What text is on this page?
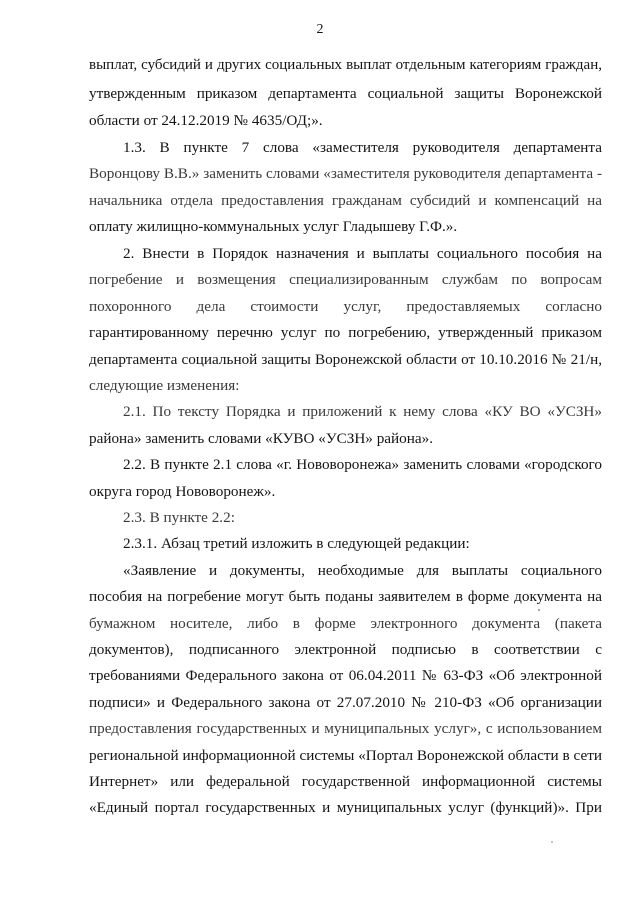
2
выплат, субсидий и других социальных выплат отдельным категориям граждан,
утвержденным приказом департамента социальной защиты Воронежской
области от 24.12.2019 № 4635/ОД;».
1.3. В пункте 7 слова «заместителя руководителя департамента
Воронцову В.В.» заменить словами «заместителя руководителя департамента -
начальника отдела предоставления гражданам субсидий и компенсаций на
оплату жилищно-коммунальных услуг Гладышеву Г.Ф.».
2. Внести в Порядок назначения и выплаты социального пособия на
погребение и возмещения специализированным службам по вопросам
похоронного дела стоимости услуг, предоставляемых согласно
гарантированному перечню услуг по погребению, утвержденный приказом
департамента социальной защиты Воронежской области от 10.10.2016 № 21/н,
следующие изменения:
2.1. По тексту Порядка и приложений к нему слова «КУ ВО «УСЗН»
района» заменить словами «КУВО «УСЗН» района».
2.2. В пункте 2.1 слова «г. Нововоронежа» заменить словами «городского
округа город Нововоронеж».
2.3. В пункте 2.2:
2.3.1. Абзац третий изложить в следующей редакции:
«Заявление и документы, необходимые для выплаты социального
пособия на погребение могут быть поданы заявителем в форме документа на
бумажном носителе, либо в форме электронного документа (пакета
документов), подписанного электронной подписью в соответствии с
требованиями Федерального закона от 06.04.2011 № 63-ФЗ «Об электронной
подписи» и Федерального закона от 27.07.2010 № 210-ФЗ «Об организации
предоставления государственных и муниципальных услуг», с использованием
региональной информационной системы «Портал Воронежской области в сети
Интернет» или федеральной государственной информационной системы
«Единый портал государственных и муниципальных услуг (функций)». При
